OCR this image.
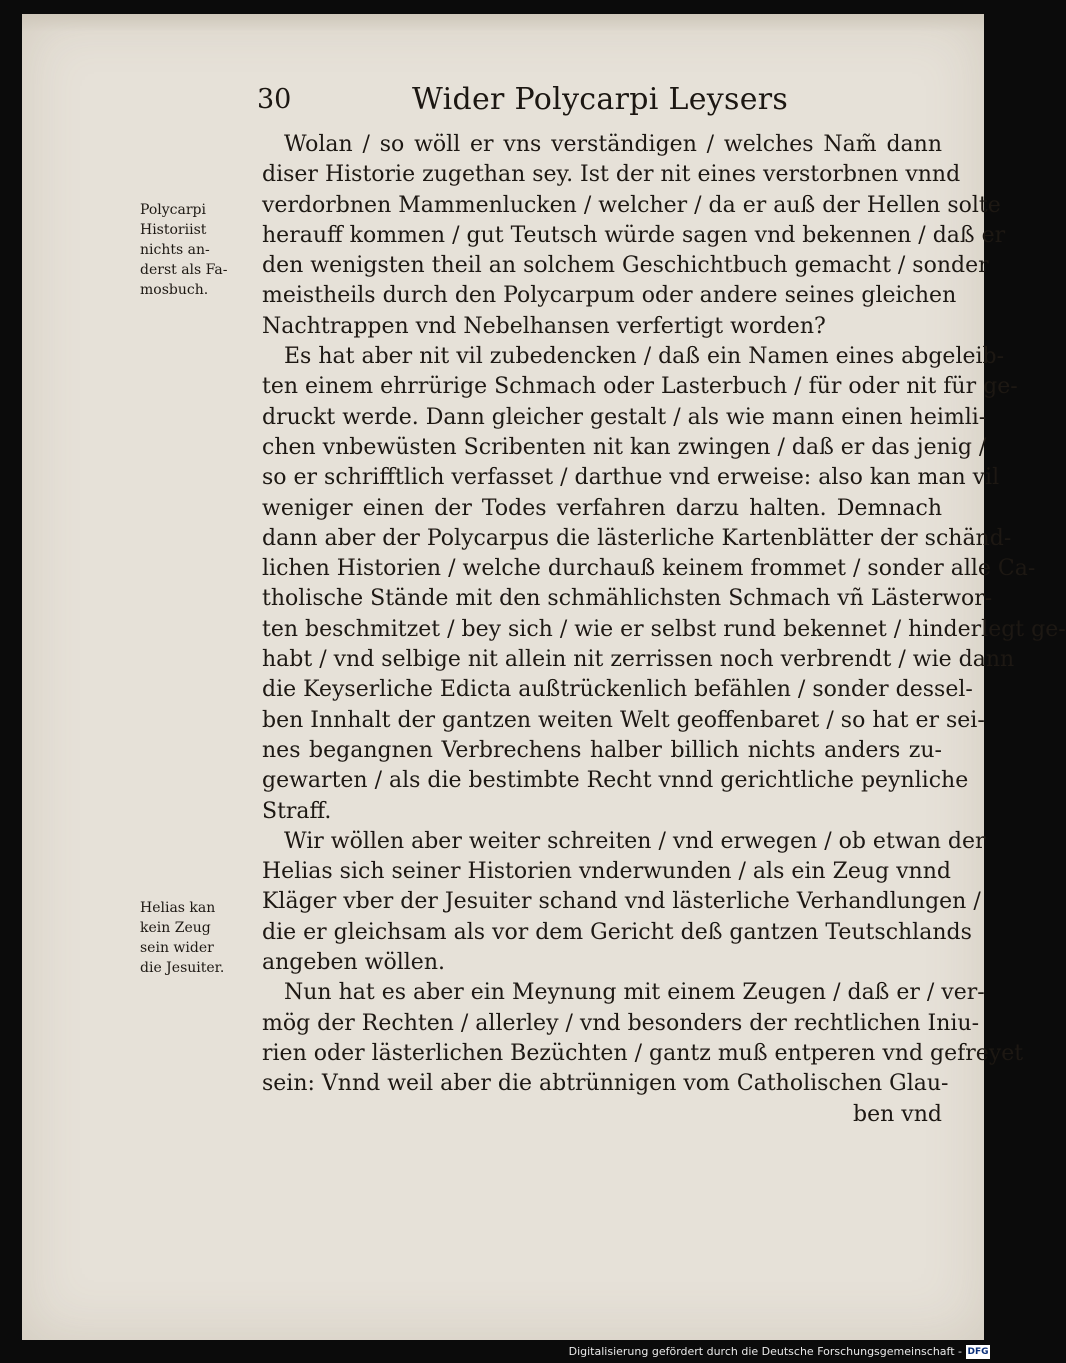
30	Wider Polycarpi Leysers
Polycarpi
Historiist
nichts an-
derst als Fa-
mosbuch.
Helias kan
kein Zeug
sein wider
die Jesuiter.
Wolan / so wöll er vns verständigen / welches Nam̃ dann
diser Historie zugethan sey. Ist der nit eines verstorbnen vnnd
verdorbnen Mammenlucken / welcher / da er auß der Hellen solte
herauff kommen / gut Teutsch würde sagen vnd bekennen / daß er
den wenigsten theil an solchem Geschichtbuch gemacht / sonder
meistheils durch den Polycarpum oder andere seines gleichen
Nachtrappen vnd Nebelhansen verfertigt worden?
Es hat aber nit vil zubedencken / daß ein Namen eines abgeleib-
ten einem ehrrürige Schmach oder Lasterbuch / für oder nit für ge-
druckt werde. Dann gleicher gestalt / als wie mann einen heimli-
chen vnbewüsten Scribenten nit kan zwingen / daß er das jenig /
so er schrifftlich verfasset / darthue vnd erweise: also kan man vil
weniger einen der Todes verfahren darzu halten. Demnach
dann aber der Polycarpus die lästerliche Kartenblätter der schänd-
lichen Historien / welche durchauß keinem frommet / sonder alle Ca-
tholische Stände mit den schmählichsten Schmach vñ Lästerwor-
ten beschmitzet / bey sich / wie er selbst rund bekennet / hinderlegt ge-
habt / vnd selbige nit allein nit zerrissen noch verbrendt / wie dann
die Keyserliche Edicta außtrückenlich befählen / sonder dessel-
ben Innhalt der gantzen weiten Welt geoffenbaret / so hat er sei-
nes begangnen Verbrechens halber billich nichts anders zu-
gewarten / als die bestimbte Recht vnnd gerichtliche peynliche
Straff.
Wir wöllen aber weiter schreiten / vnd erwegen / ob etwan der
Helias sich seiner Historien vnderwunden / als ein Zeug vnnd
Kläger vber der Jesuiter schand vnd lästerliche Verhandlungen /
die er gleichsam als vor dem Gericht deß gantzen Teutschlands
angeben wöllen.
Nun hat es aber ein Meynung mit einem Zeugen / daß er / ver-
mög der Rechten / allerley / vnd besonders der rechtlichen Iniu-
rien oder lästerlichen Bezüchten / gantz muß entperen vnd gefreyet
sein: Vnnd weil aber die abtrünnigen vom Catholischen Glau-
ben vnd
Digitalisierung gefördert durch die Deutsche Forschungsgemeinschaft - DFG
